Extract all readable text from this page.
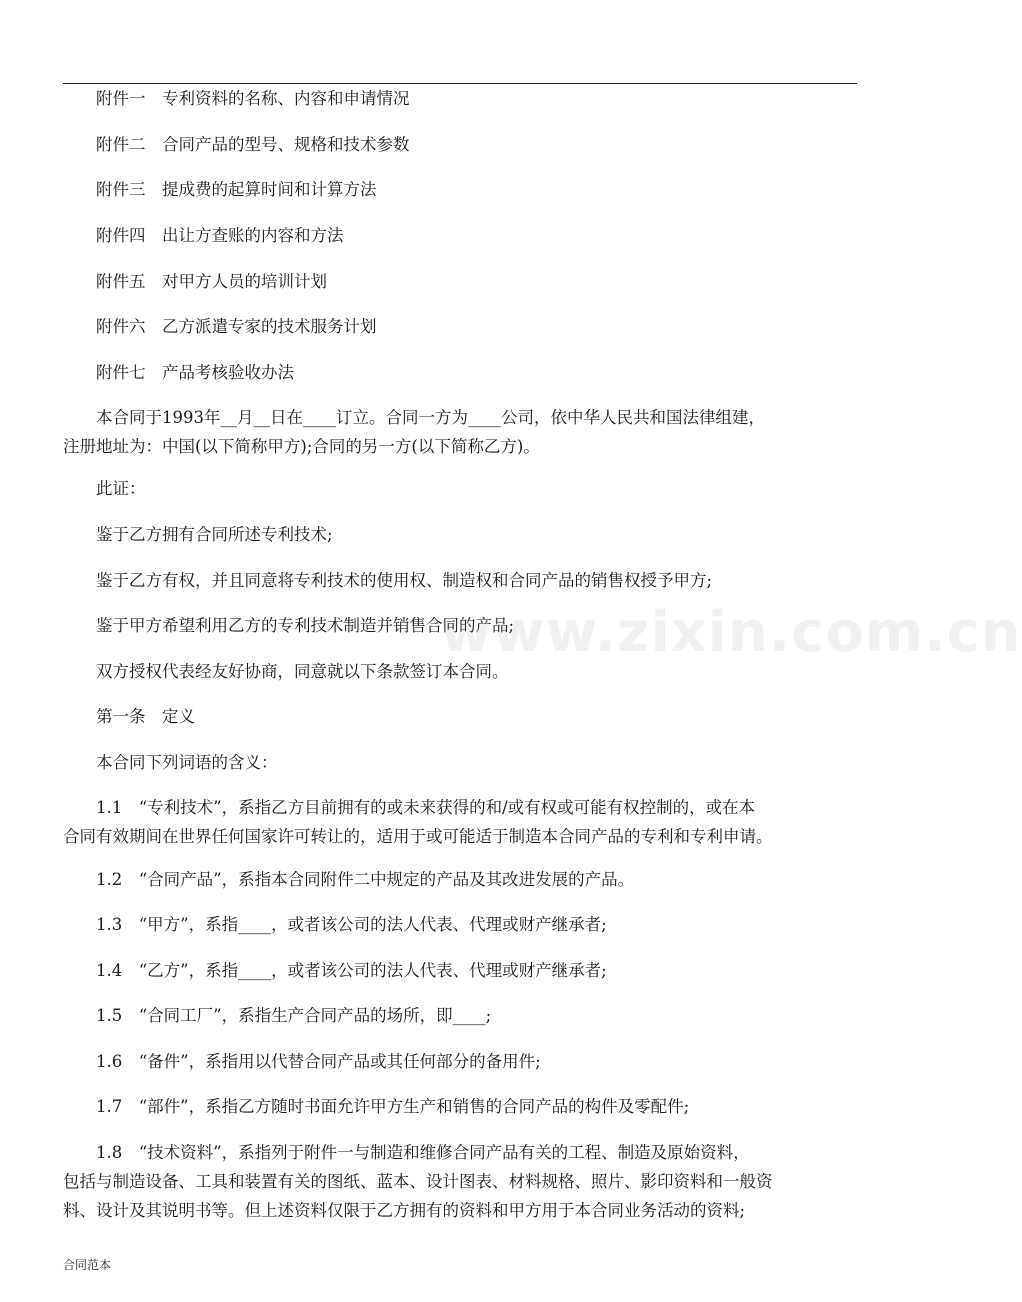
　　附件一　专利资料的名称、内容和申请情况

　　附件二　合同产品的型号、规格和技术参数

　　附件三　提成费的起算时间和计算方法

　　附件四　出让方查账的内容和方法

　　附件五　对甲方人员的培训计划

　　附件六　乙方派遣专家的技术服务计划

　　附件七　产品考核验收办法

　　本合同于1993年__月__日在____订立。合同一方为____公司，依中华人民共和国法律组建，
注册地址为：中国(以下简称甲方);合同的另一方(以下简称乙方)。

　　此证：

　　鉴于乙方拥有合同所述专利技术;

　　鉴于乙方有权，并且同意将专利技术的使用权、制造权和合同产品的销售权授予甲方;

　　鉴于甲方希望利用乙方的专利技术制造并销售合同的产品;

　　双方授权代表经友好协商，同意就以下条款签订本合同。

　　第一条　定义

　　本合同下列词语的含义：

　　1.1　“专利技术”，系指乙方目前拥有的或未来获得的和/或有权或可能有权控制的，或在本
合同有效期间在世界任何国家许可转让的，适用于或可能适于制造本合同产品的专利和专利申请。

　　1.2　“合同产品”，系指本合同附件二中规定的产品及其改进发展的产品。

　　1.3　“甲方”，系指____，或者该公司的法人代表、代理或财产继承者;

　　1.4　“乙方”，系指____，或者该公司的法人代表、代理或财产继承者;

　　1.5　“合同工厂”，系指生产合同产品的场所，即____;

　　1.6　“备件”，系指用以代替合同产品或其任何部分的备用件;

　　1.7　“部件”，系指乙方随时书面允许甲方生产和销售的合同产品的构件及零配件;

　　1.8　“技术资料”，系指列于附件一与制造和维修合同产品有关的工程、制造及原始资料，
包括与制造设备、工具和装置有关的图纸、蓝本、设计图表、材料规格、照片、影印资料和一般资
料、设计及其说明书等。但上述资料仅限于乙方拥有的资料和甲方用于本合同业务活动的资料;

www.zixin.com.cn
合同范本
